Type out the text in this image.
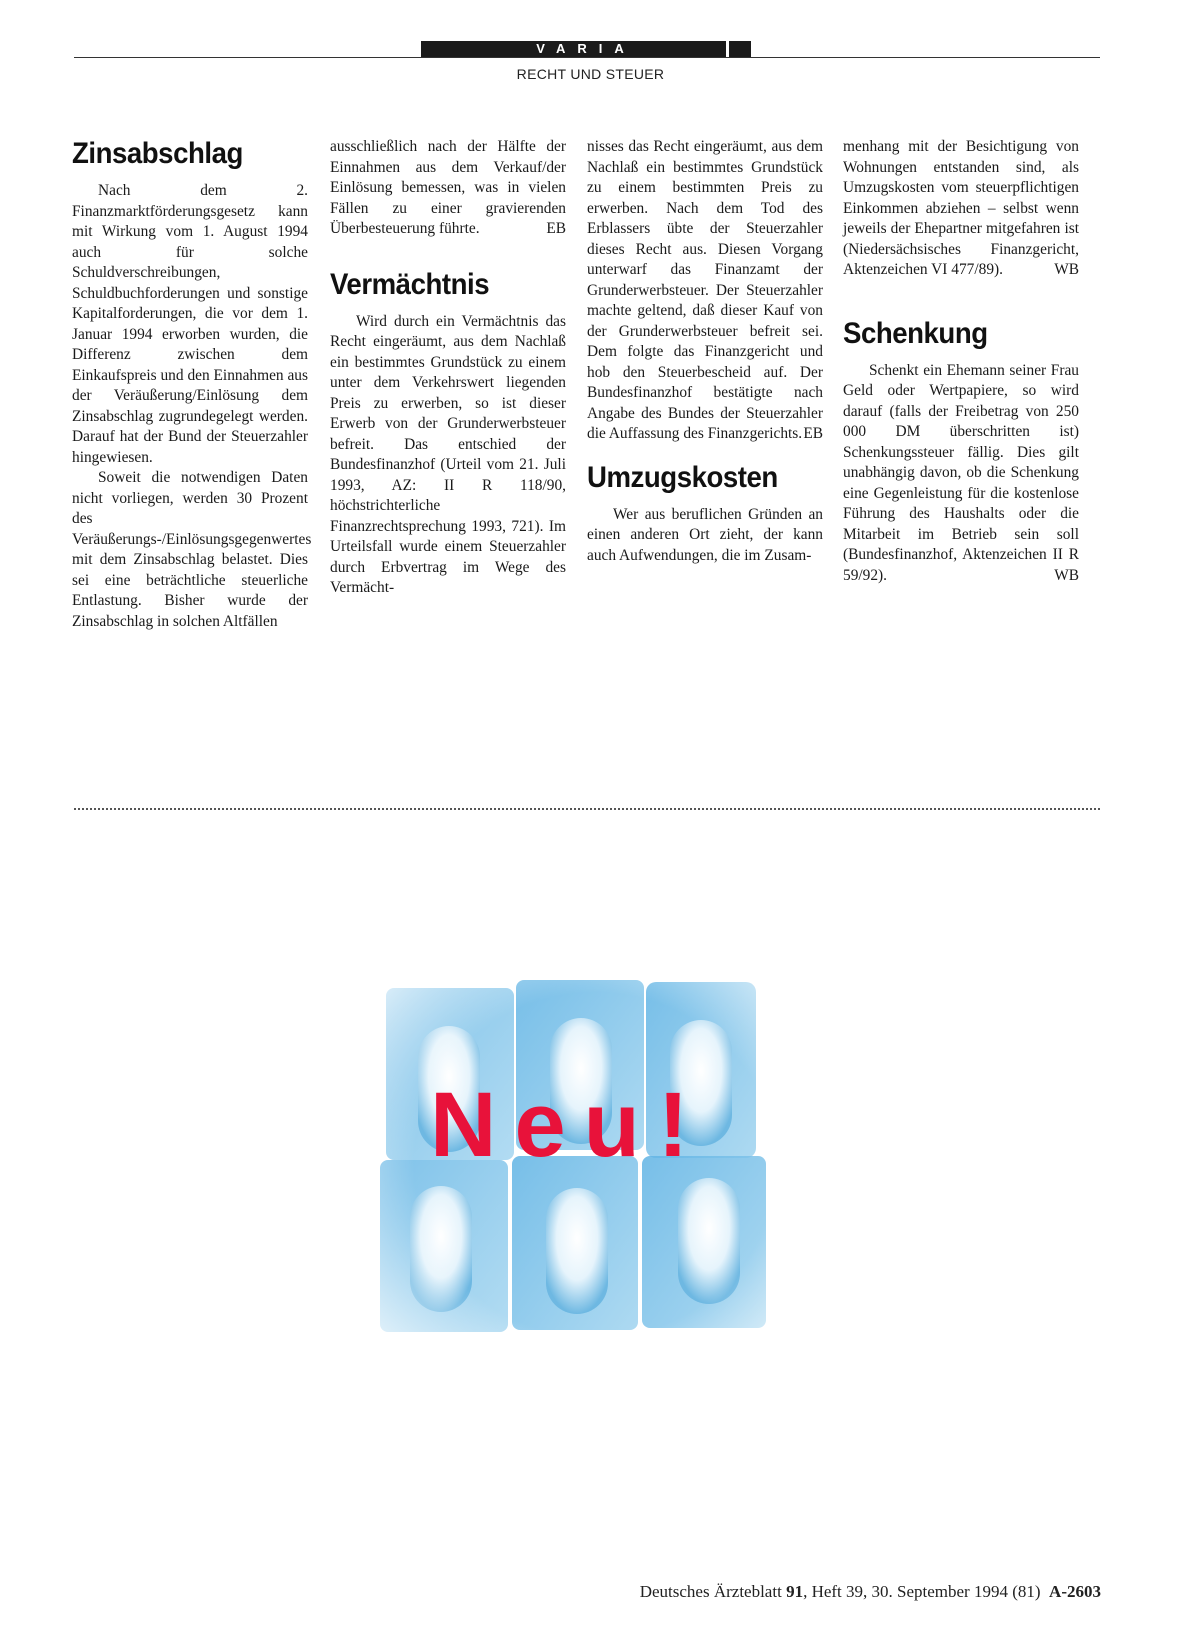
VARIA
RECHT UND STEUER
Zinsabschlag

Nach dem 2. Finanzmarktförderungsgesetz kann mit Wirkung vom 1. August 1994 auch für solche Schuldverschreibungen, Schuldbuchforderungen und sonstige Kapitalforderungen, die vor dem 1. Januar 1994 erworben wurden, die Differenz zwischen dem Einkaufspreis und den Einnahmen aus der Veräußerung/Einlösung dem Zinsabschlag zugrundegelegt werden. Darauf hat der Bund der Steuerzahler hingewiesen.

Soweit die notwendigen Daten nicht vorliegen, werden 30 Prozent des Veräußerungs-/Einlösungsgegenwertes mit dem Zinsabschlag belastet. Dies sei eine beträchtliche steuerliche Entlastung. Bisher wurde der Zinsabschlag in solchen Altfällen

ausschließlich nach der Hälfte der Einnahmen aus dem Verkauf/der Einlösung bemessen, was in vielen Fällen zu einer gravierenden Überbesteuerung führte.	EB

Vermächtnis

Wird durch ein Vermächtnis das Recht eingeräumt, aus dem Nachlaß ein bestimmtes Grundstück zu einem unter dem Verkehrswert liegenden Preis zu erwerben, so ist dieser Erwerb von der Grunderwerbsteuer befreit. Das entschied der Bundesfinanzhof (Urteil vom 21. Juli 1993, AZ: II R 118/90, höchstrichterliche Finanzrechtsprechung 1993, 721). Im Urteilsfall wurde einem Steuerzahler durch Erbvertrag im Wege des Vermächt-

nisses das Recht eingeräumt, aus dem Nachlaß ein bestimmtes Grundstück zu einem bestimmten Preis zu erwerben. Nach dem Tod des Erblassers übte der Steuerzahler dieses Recht aus. Diesen Vorgang unterwarf das Finanzamt der Grunderwerbsteuer. Der Steuerzahler machte geltend, daß dieser Kauf von der Grunderwerbsteuer befreit sei. Dem folgte das Finanzgericht und hob den Steuerbescheid auf. Der Bundesfinanzhof bestätigte nach Angabe des Bundes der Steuerzahler die Auffassung des Finanzgerichts. EB

Umzugskosten

Wer aus beruflichen Gründen an einen anderen Ort zieht, der kann auch Aufwendungen, die im Zusam-

menhang mit der Besichtigung von Wohnungen entstanden sind, als Umzugskosten vom steuerpflichtigen Einkommen abziehen – selbst wenn jeweils der Ehepartner mitgefahren ist (Niedersächsisches Finanzgericht, Aktenzeichen VI 477/89).	WB

Schenkung

Schenkt ein Ehemann seiner Frau Geld oder Wertpapiere, so wird darauf (falls der Freibetrag von 250 000 DM überschritten ist) Schenkungssteuer fällig. Dies gilt unabhängig davon, ob die Schenkung eine Gegenleistung für die kostenlose Führung des Haushalts oder die Mitarbeit im Betrieb sein soll (Bundesfinanzhof, Aktenzeichen II R 59/92).	WB

Neu!
Deutsches Ärzteblatt 91, Heft 39, 30. September 1994 (81) A-2603
